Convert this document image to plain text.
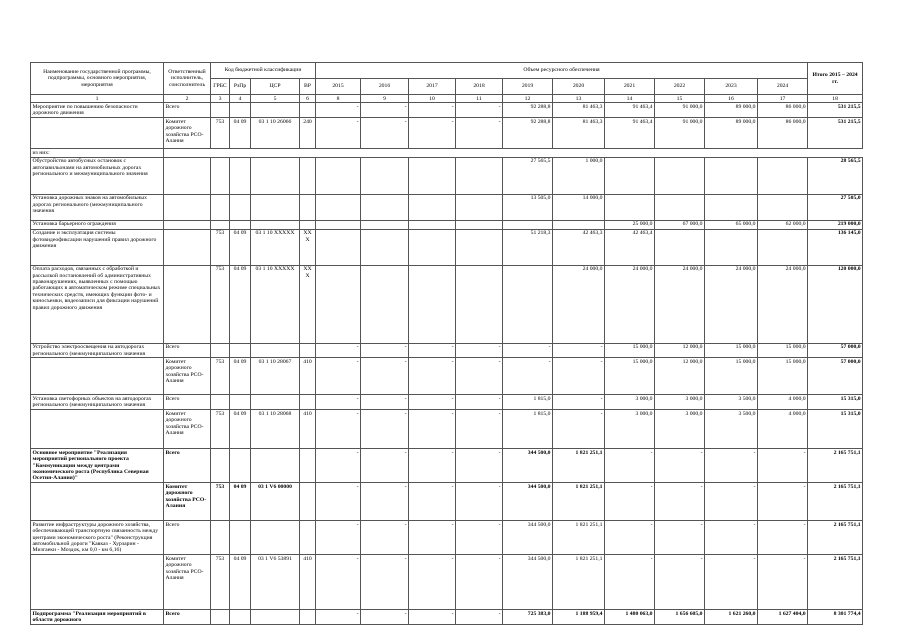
Наименование государственной программы, подпрограммы, основного мероприятия, мероприятия	Ответственный исполнитель, соисполнитель	Код бюджетной классификации				Объем ресурсного обеспечения										Итого 2015 – 2024 гг.
		ГРБС	РзПр	ЦСР	ВР	2015	2016	2017	2018	2019	2020	2021	2022	2023	2024	
1	2	3	4	5	6	8	9	10	11	12	13	14	15	16	17	18
Мероприятие по повышению безопасности дорожного движения	Всего					-	-	-	-	92 288,8	81 463,3	91 463,4	91 000,0	89 000,0	86 000,0	531 215,5
	Комитет дорожного хозяйства РСО-Алания	753	04 09	03 1 10 26066	240	-	-	-	-	92 288,8	81 463,3	91 463,4	91 000,0	89 000,0	86 000,0	531 215,5
из них:																
Обустройство автобусных остановок с автопавильонами на автомобильных дорогах регионального и межмуниципального значения										27 565,5	1 000,0					28 565,5
Установка дорожных знаков на автомобильных дорогах регионального (межмуниципального значения										13 505,0	14 000,0					27 505,0
Установка барьерного ограждения												25 000,0	67 000,0	65 000,0	62 000,0	219 000,0
Создание и эксплуатация системы фотовидеофиксации нарушений правил дорожного движения		753	04 09	03 1 10 XXXXX	XXX					51 218,3	42 463,3	42 463,4				136 145,0
Оплата расходов, связанных с обработкой и рассылкой постановлений об административных правонарушениях, выявленных с помощью работающих в автоматическом режиме специальных технических средств, имеющих функции фото- и киносъемки, видеозаписи для фиксации нарушений правил дорожного движения		753	04 09	03 1 10 XXXXX	XXX						24 000,0	24 000,0	24 000,0	24 000,0	24 000,0	120 000,0
Устройство электроосвещения на автодорогах регионального (межмуниципального значения	Всего					-	-	-	-	-	-	15 000,0	12 000,0	15 000,0	15 000,0	57 000,0
	Комитет дорожного хозяйства РСО-Алания	753	04 09	03 1 10 28067	410	-	-	-	-	-	-	15 000,0	12 000,0	15 000,0	15 000,0	57 000,0
Установка светофорных объектов на автодорогах регионального (межмуниципального значения	Всего					-	-	-	-	1 815,0	-	3 000,0	3 000,0	3 500,0	4 000,0	15 315,0
	Комитет дорожного хозяйства РСО-Алания	753	04 09	03 1 10 28068	410	-	-	-	-	1 815,0	-	3 000,0	3 000,0	3 500,0	4 000,0	15 315,0
Основное мероприятие "Реализация мероприятий регионального проекта "Коммуникации между центрами экономического роста (Республика Северная Осетия-Алания)"	Всего					-	-	-	-	344 500,0	1 821 251,1	-	-	-	-	2 165 751,1
	Комитет дорожного хозяйства РСО-Алания	753	04 09	03 1 V6 00000		-	-	-	-	344 500,0	1 821 251,1	-	-	-	-	2 165 751,1
Развитие инфраструктуры дорожного хозяйства, обеспечивающей транспортную связанность между центрами экономического роста" (Реконструкция автомобильной дороги "Кавказ - Хурзарин - Мизгаеки - Моздок, км 0,0 - км 6,16)	Всего					-	-	-	-	344 500,0	1 821 251,1	-	-	-	-	2 165 751,1
	Комитет дорожного хозяйства РСО-Алания	753	04 09	03 1 V6 53891	410	-	-	-	-	344 500,0	1 821 251,1	-	-	-	-	2 165 751,1
Подпрограмма "Реализация мероприятий в области дорожного	Всего					-	-	-	-	725 383,0	1 188 959,4	1 480 063,0	1 656 605,0	1 621 260,0	1 627 404,0	8 301 774,4
